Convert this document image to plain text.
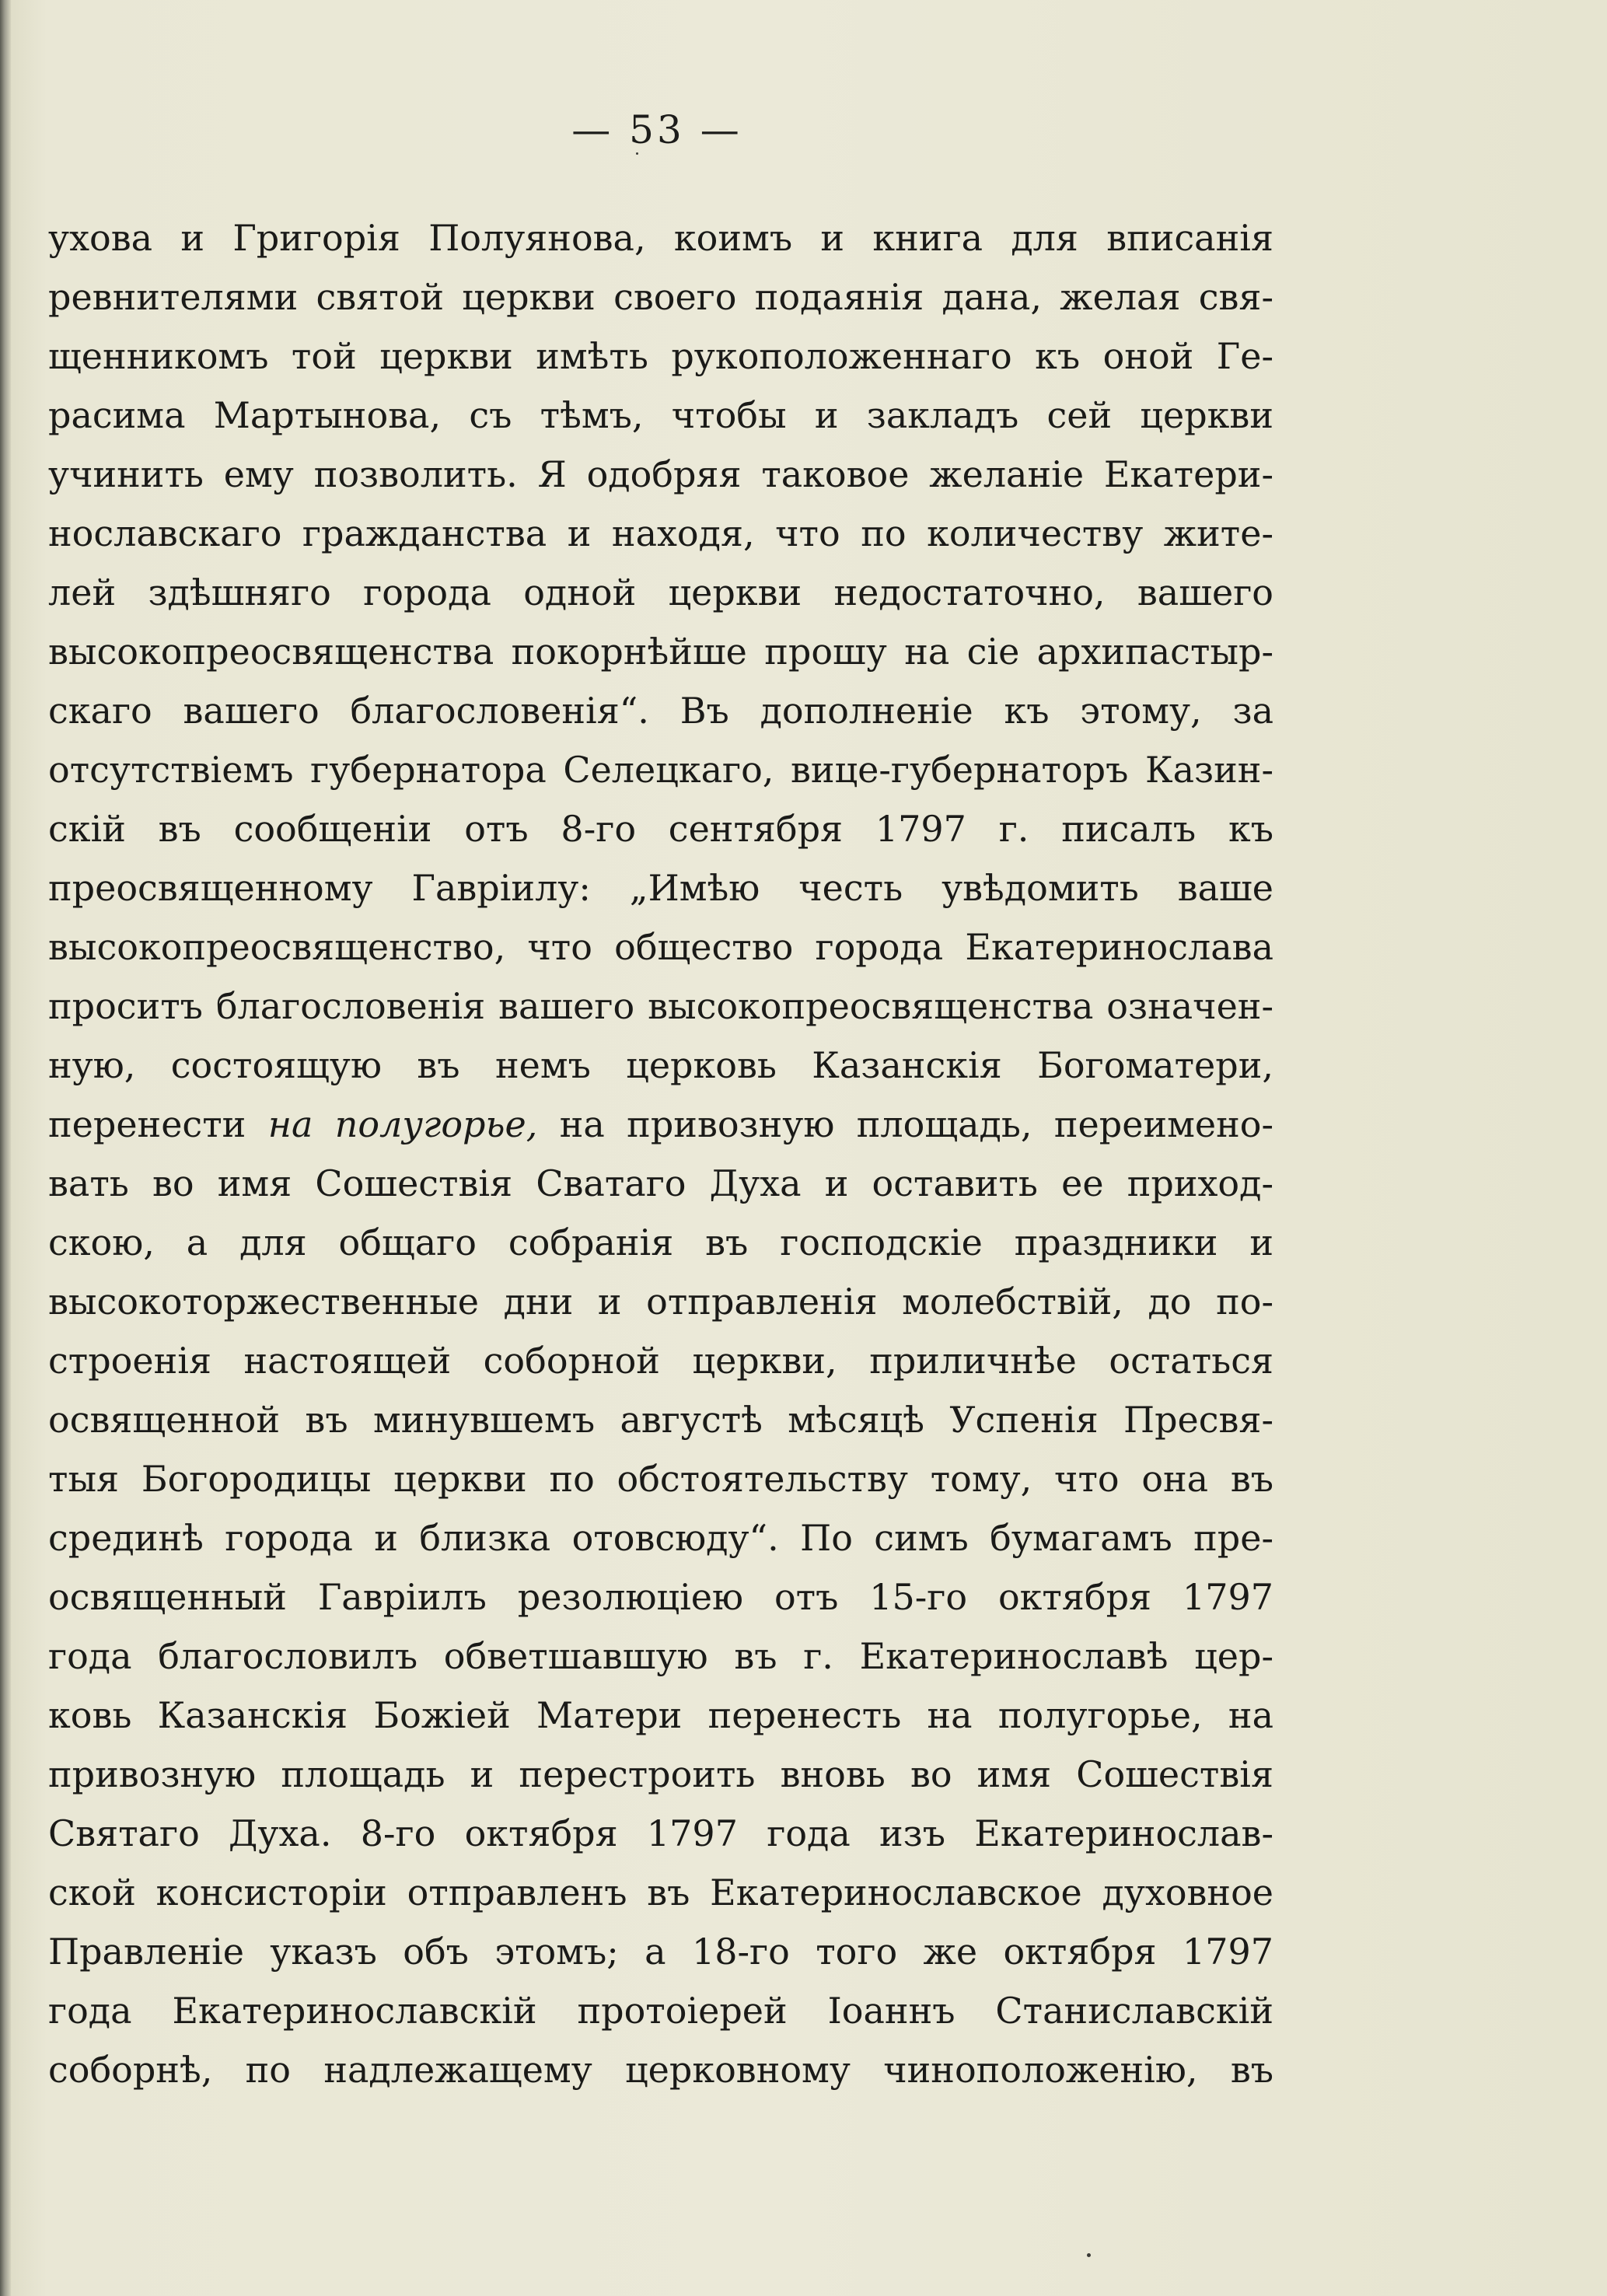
— 53 —
ухова и Григорія Полуянова, коимъ и книга для вписанія
ревнителями святой церкви своего подаянія дана, желая свя-
щенникомъ той церкви имѣть рукоположеннаго къ оной Ге-
расима Мартынова, съ тѣмъ, чтобы и закладъ сей церкви
учинить ему позволить. Я одобряя таковое желаніе Екатери-
нославскаго гражданства и находя, что по количеству жите-
лей здѣшняго города одной церкви недостаточно, вашего
высокопреосвященства покорнѣйше прошу на сіе архипастыр-
скаго вашего благословенія“. Въ дополненіе къ этому, за
отсутствіемъ губернатора Селецкаго, вице-губернаторъ Казин-
скій въ сообщеніи отъ 8-го сентября 1797 г. писалъ къ
преосвященному Гавріилу: „Имѣю честь увѣдомить ваше
высокопреосвященство, что общество города Екатеринослава
проситъ благословенія вашего высокопреосвященства означен-
ную, состоящую въ немъ церковь Казанскія Богоматери,
перенести на полугорье, на привозную площадь, переимено-
вать во имя Сошествія Сватаго Духа и оставить ее приход-
скою, а для общаго собранія въ господскіе праздники и
высокоторжественные дни и отправленія молебствій, до по-
строенія настоящей соборной церкви, приличнѣе остаться
освященной въ минувшемъ августѣ мѣсяцѣ Успенія Пресвя-
тыя Богородицы церкви по обстоятельству тому, что она въ
срединѣ города и близка отовсюду“. По симъ бумагамъ пре-
освященный Гавріилъ резолюціею отъ 15-го октября 1797
года благословилъ обветшавшую въ г. Екатеринославѣ цер-
ковь Казанскія Божіей Матери перенесть на полугорье, на
привозную площадь и перестроить вновь во имя Сошествія
Святаго Духа. 8-го октября 1797 года изъ Екатеринослав-
ской консисторіи отправленъ въ Екатеринославское духовное
Правленіе указъ объ этомъ; а 18-го того же октября 1797
года Екатеринославскій протоіерей Іоаннъ Станиславскій
соборнѣ, по надлежащему церковному чиноположенію, въ
